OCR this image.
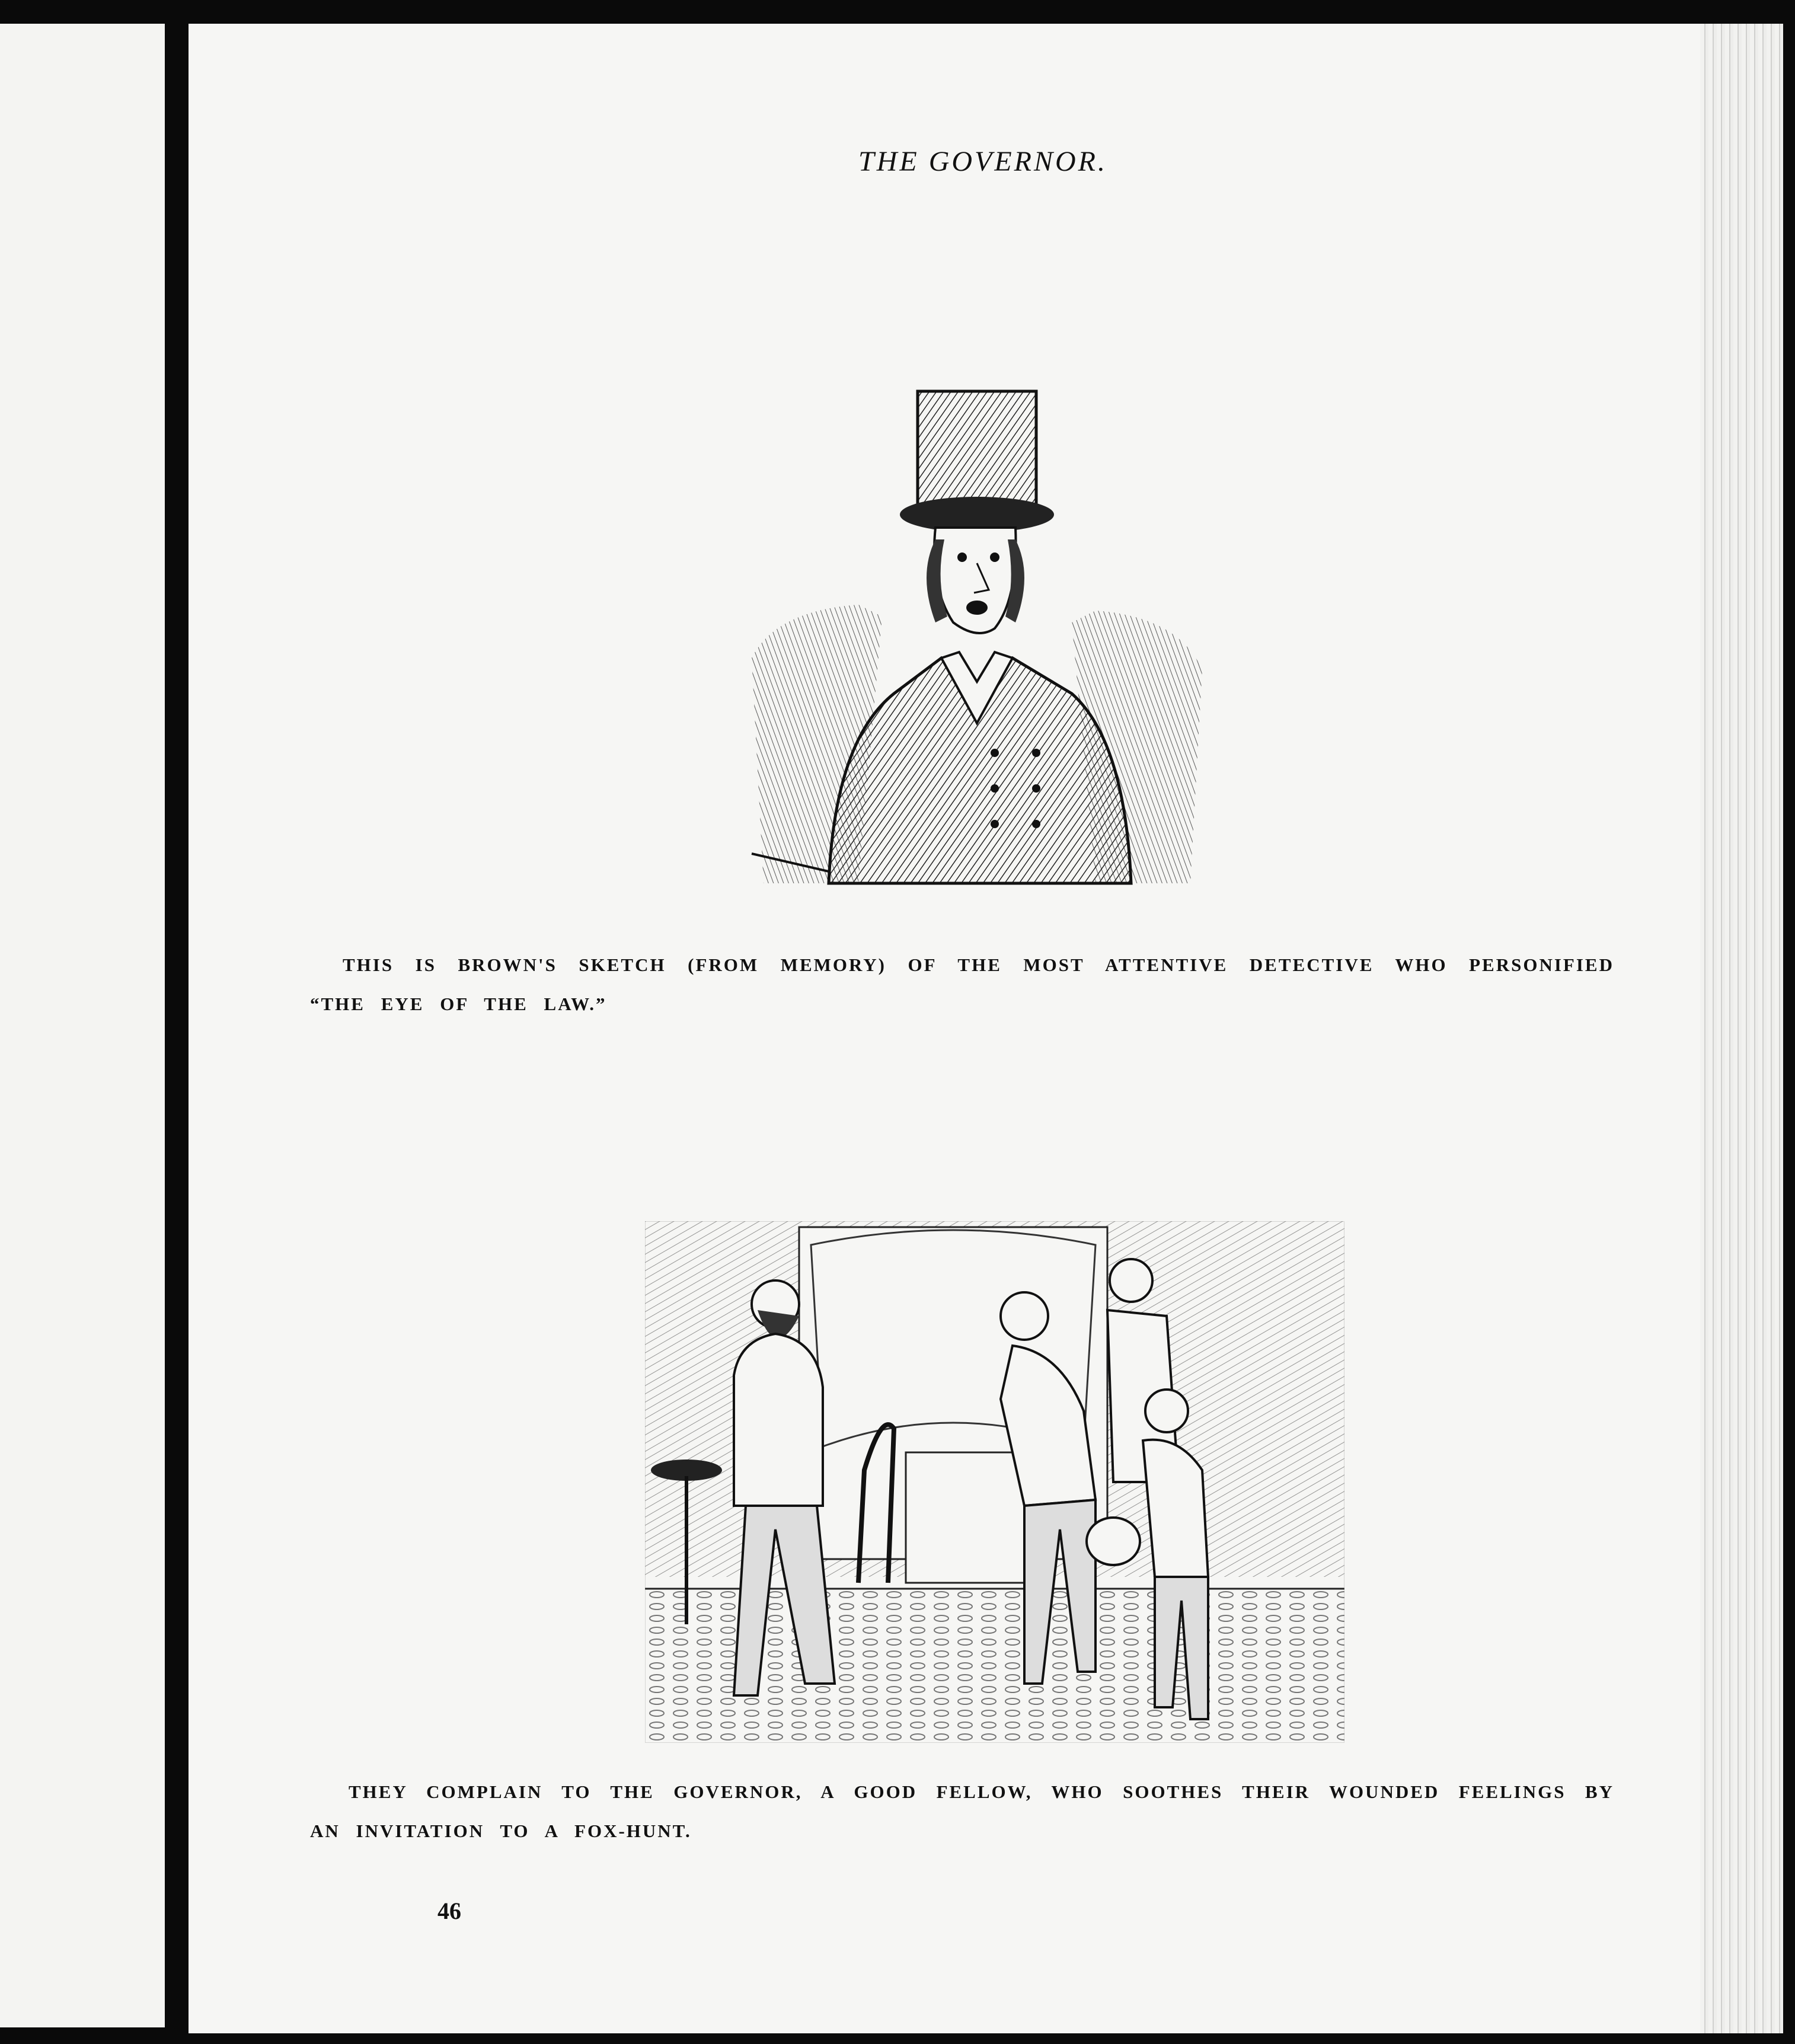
THE GOVERNOR.
THIS IS BROWN'S SKETCH (FROM MEMORY) OF THE MOST ATTENTIVE DETECTIVE WHO PERSONIFIED “THE EYE OF THE LAW.”
THEY COMPLAIN TO THE GOVERNOR, A GOOD FELLOW, WHO SOOTHES THEIR WOUNDED FEELINGS BY AN INVITATION TO A FOX-HUNT.
46
